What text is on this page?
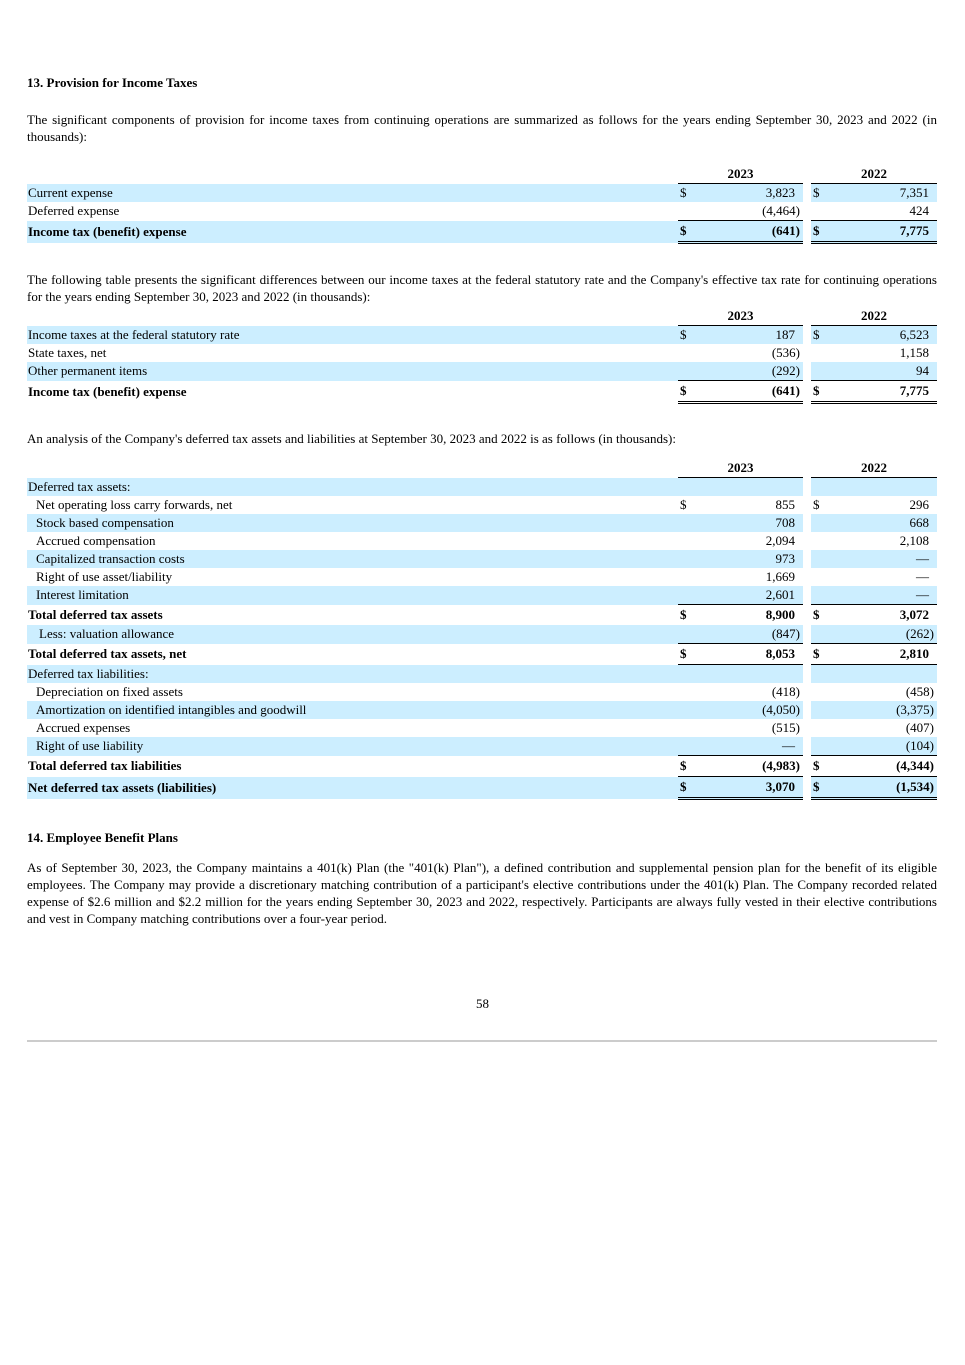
13. Provision for Income Taxes

The significant components of provision for income taxes from continuing operations are summarized as follows for the years ending September 30, 2023 and 2022 (in thousands):

	2023		2022
Current expense	$ 3,823		$ 7,351

Deferred expense	(4,464)		424

Income tax (benefit) expense	$ (641)		$ 7,775

The following table presents the significant differences between our income taxes at the federal statutory rate and the Company's effective tax rate for continuing operations for the years ending September 30, 2023 and 2022 (in thousands):

	2023		2022
Income taxes at the federal statutory rate	$ 187		$ 6,523

State taxes, net	(536)		1,158

Other permanent items	(292)		94

Income tax (benefit) expense	$ (641)		$ 7,775

An analysis of the Company's deferred tax assets and liabilities at September 30, 2023 and 2022 is as follows (in thousands):

	2023		2022
Deferred tax assets:	

Net operating loss carry forwards, net	$ 855		$ 296

Stock based compensation	708		668

Accrued compensation	2,094		2,108

Capitalized transaction costs	973		—

Right of use asset/liability	1,669		—

Interest limitation	2,601		—

Total deferred tax assets	$ 8,900		$ 3,072

Less: valuation allowance	(847)		(262)

Total deferred tax assets, net	$ 8,053		$ 2,810

Deferred tax liabilities:	

Depreciation on fixed assets	(418)		(458)

Amortization on identified intangibles and goodwill	(4,050)		(3,375)

Accrued expenses	(515)		(407)

Right of use liability	—		(104)

Total deferred tax liabilities	$ (4,983)		$ (4,344)

Net deferred tax assets (liabilities)	$ 3,070		$ (1,534)
14. Employee Benefit Plans

As of September 30, 2023, the Company maintains a 401(k) Plan (the "401(k) Plan"), a defined contribution and supplemental pension plan for the benefit of its eligible employees. The Company may provide a discretionary matching contribution of a participant's elective contributions under the 401(k) Plan. The Company recorded related expense of $2.6 million and $2.2 million for the years ending September 30, 2023 and 2022, respectively. Participants are always fully vested in their elective contributions and vest in Company matching contributions over a four-year period.

58
